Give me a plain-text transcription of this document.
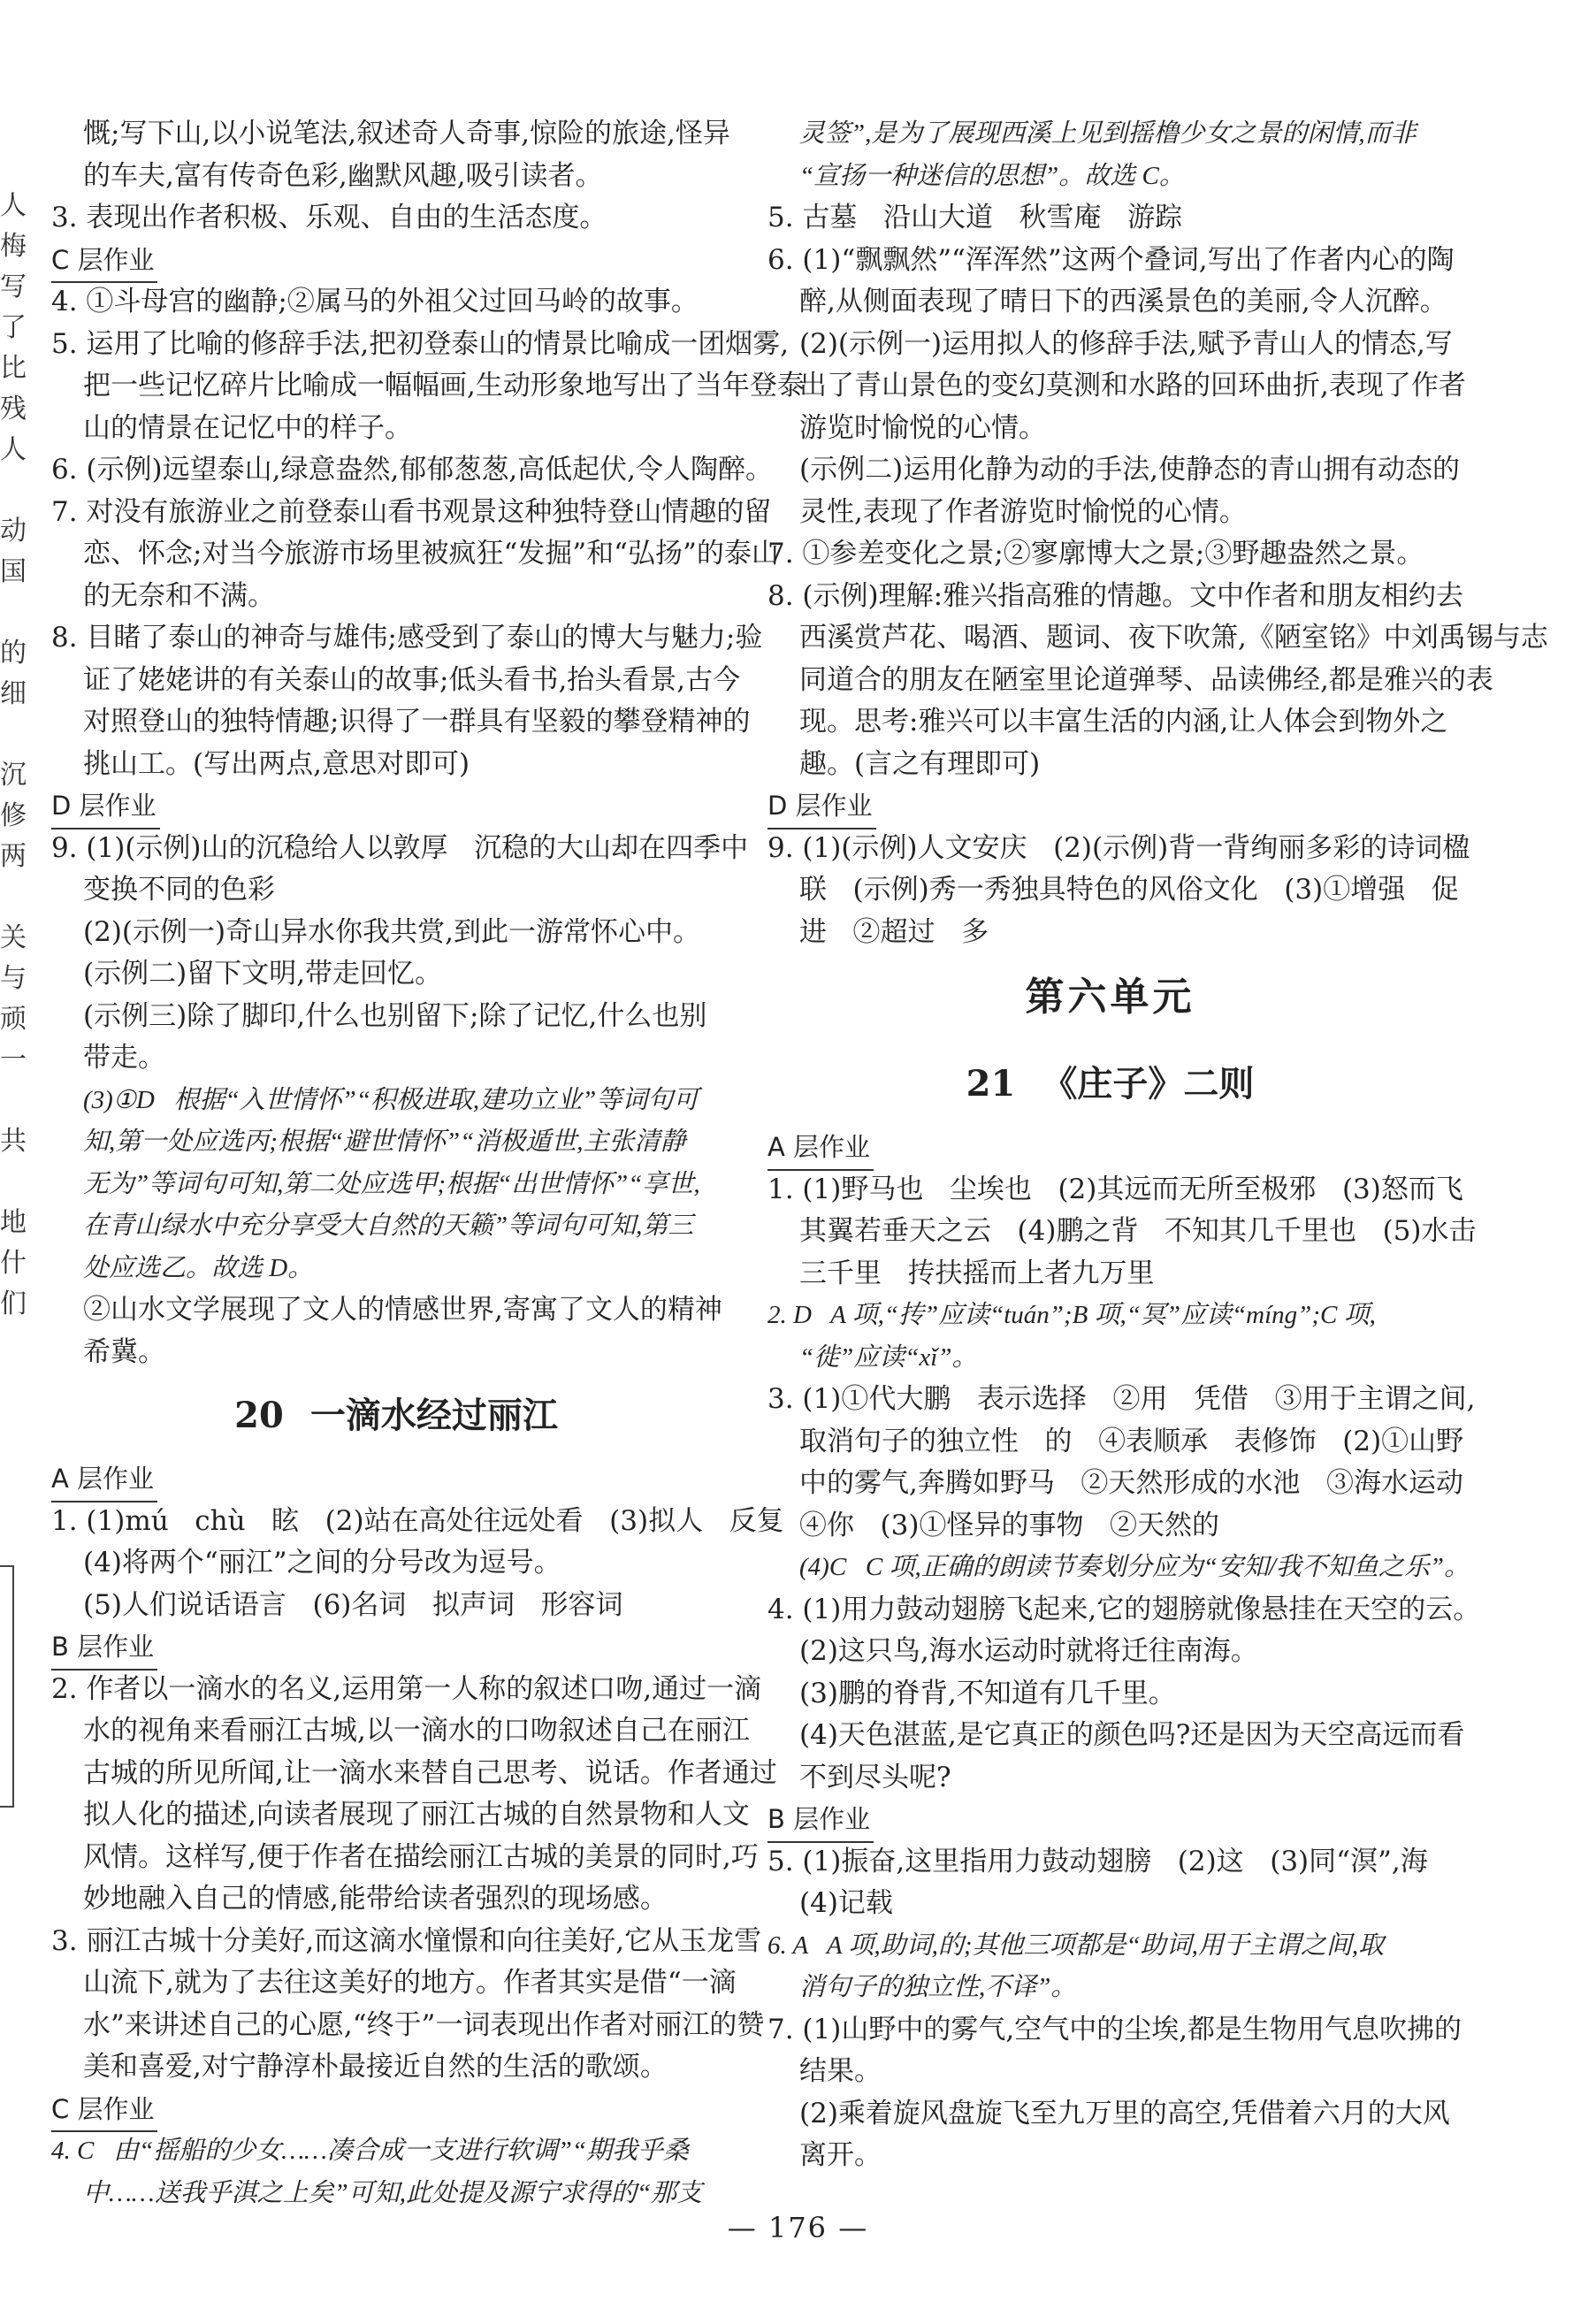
人
梅
写
了
比
残
人
动
国
的
细
沉
修
两
关
与
顽
一
共
地
什
们
慨;写下山,以小说笔法,叙述奇人奇事,惊险的旅途,怪异
的车夫,富有传奇色彩,幽默风趣,吸引读者。
3. 表现出作者积极、乐观、自由的生活态度。
C 层作业
4. ①斗母宫的幽静;②属马的外祖父过回马岭的故事。
5. 运用了比喻的修辞手法,把初登泰山的情景比喻成一团烟雾,
把一些记忆碎片比喻成一幅幅画,生动形象地写出了当年登泰
山的情景在记忆中的样子。
6. (示例)远望泰山,绿意盎然,郁郁葱葱,高低起伏,令人陶醉。
7. 对没有旅游业之前登泰山看书观景这种独特登山情趣的留
恋、怀念;对当今旅游市场里被疯狂“发掘”和“弘扬”的泰山
的无奈和不满。
8. 目睹了泰山的神奇与雄伟;感受到了泰山的博大与魅力;验
证了姥姥讲的有关泰山的故事;低头看书,抬头看景,古今
对照登山的独特情趣;识得了一群具有坚毅的攀登精神的
挑山工。(写出两点,意思对即可)
D 层作业
9. (1)(示例)山的沉稳给人以敦厚   沉稳的大山却在四季中
变换不同的色彩
(2)(示例一)奇山异水你我共赏,到此一游常怀心中。
(示例二)留下文明,带走回忆。
(示例三)除了脚印,什么也别留下;除了记忆,什么也别
带走。
(3)①D   根据“入世情怀”“积极进取,建功立业”等词句可
知,第一处应选丙;根据“避世情怀”“消极遁世,主张清静
无为”等词句可知,第二处应选甲;根据“出世情怀”“享世,
在青山绿水中充分享受大自然的天籁”等词句可知,第三
处应选乙。故选 D。
②山水文学展现了文人的情感世界,寄寓了文人的精神
希冀。
20 一滴水经过丽江
A 层作业
1. (1)mú   chù   眩   (2)站在高处往远处看   (3)拟人   反复
(4)将两个“丽江”之间的分号改为逗号。
(5)人们说话语言   (6)名词   拟声词   形容词
B 层作业
2. 作者以一滴水的名义,运用第一人称的叙述口吻,通过一滴
水的视角来看丽江古城,以一滴水的口吻叙述自己在丽江
古城的所见所闻,让一滴水来替自己思考、说话。作者通过
拟人化的描述,向读者展现了丽江古城的自然景物和人文
风情。这样写,便于作者在描绘丽江古城的美景的同时,巧
妙地融入自己的情感,能带给读者强烈的现场感。
3. 丽江古城十分美好,而这滴水憧憬和向往美好,它从玉龙雪
山流下,就为了去往这美好的地方。作者其实是借“一滴
水”来讲述自己的心愿,“终于”一词表现出作者对丽江的赞
美和喜爱,对宁静淳朴最接近自然的生活的歌颂。
C 层作业
4. C   由“摇船的少女……凑合成一支进行软调”“期我乎桑
中……送我乎淇之上矣”可知,此处提及源宁求得的“那支
灵签”,是为了展现西溪上见到摇橹少女之景的闲情,而非
“宣扬一种迷信的思想”。故选 C。
5. 古墓   沿山大道   秋雪庵   游踪
6. (1)“飘飘然”“浑浑然”这两个叠词,写出了作者内心的陶
醉,从侧面表现了晴日下的西溪景色的美丽,令人沉醉。
(2)(示例一)运用拟人的修辞手法,赋予青山人的情态,写
出了青山景色的变幻莫测和水路的回环曲折,表现了作者
游览时愉悦的心情。
(示例二)运用化静为动的手法,使静态的青山拥有动态的
灵性,表现了作者游览时愉悦的心情。
7. ①参差变化之景;②寥廓博大之景;③野趣盎然之景。
8. (示例)理解:雅兴指高雅的情趣。文中作者和朋友相约去
西溪赏芦花、喝酒、题词、夜下吹箫,《陋室铭》中刘禹锡与志
同道合的朋友在陋室里论道弹琴、品读佛经,都是雅兴的表
现。思考:雅兴可以丰富生活的内涵,让人体会到物外之
趣。(言之有理即可)
D 层作业
9. (1)(示例)人文安庆   (2)(示例)背一背绚丽多彩的诗词楹
联   (示例)秀一秀独具特色的风俗文化   (3)①增强   促
进   ②超过   多
第六单元
21 《庄子》二则
A 层作业
1. (1)野马也   尘埃也   (2)其远而无所至极邪   (3)怒而飞
其翼若垂天之云   (4)鹏之背   不知其几千里也   (5)水击
三千里   抟扶摇而上者九万里
2. D   A 项,“抟”应读“tuán”;B 项,“冥”应读“míng”;C 项,
“徙”应读“xǐ”。
3. (1)①代大鹏   表示选择   ②用   凭借   ③用于主谓之间,
取消句子的独立性   的   ④表顺承   表修饰   (2)①山野
中的雾气,奔腾如野马   ②天然形成的水池   ③海水运动
④你   (3)①怪异的事物   ②天然的
(4)C   C 项,正确的朗读节奏划分应为“安知/我不知鱼之乐”。
4. (1)用力鼓动翅膀飞起来,它的翅膀就像悬挂在天空的云。
(2)这只鸟,海水运动时就将迁往南海。
(3)鹏的脊背,不知道有几千里。
(4)天色湛蓝,是它真正的颜色吗?还是因为天空高远而看
不到尽头呢?
B 层作业
5. (1)振奋,这里指用力鼓动翅膀   (2)这   (3)同“溟”,海
(4)记载
6. A   A 项,助词,的;其他三项都是“助词,用于主谓之间,取
消句子的独立性,不译”。
7. (1)山野中的雾气,空气中的尘埃,都是生物用气息吹拂的
结果。
(2)乘着旋风盘旋飞至九万里的高空,凭借着六月的大风
离开。
— 176 —
